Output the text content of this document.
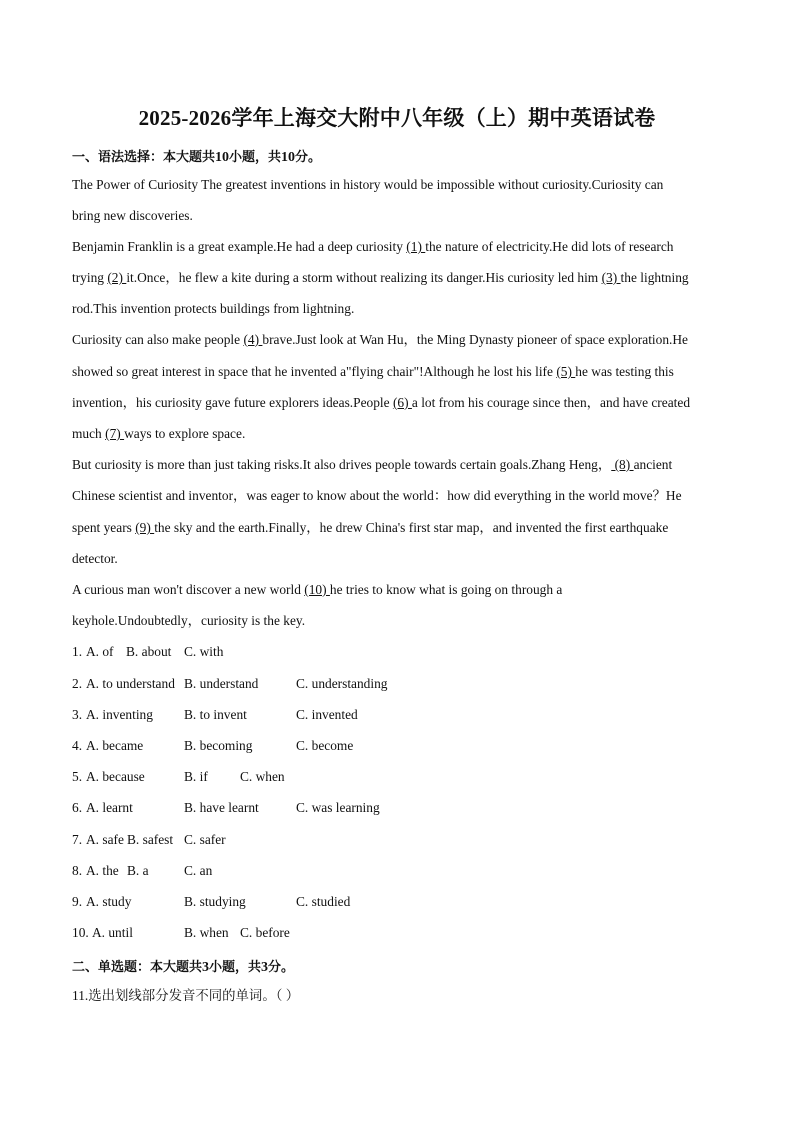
2025-2026学年上海交大附中八年级（上）期中英语试卷
一、语法选择：本大题共10小题，共10分。
The Power of Curiosity The greatest inventions in history would be impossible without curiosity.Curiosity can
bring new discoveries.
Benjamin Franklin is a great example.He had a deep curiosity (1) the nature of electricity.He did lots of research
trying (2) it.Once，he flew a kite during a storm without realizing its danger.His curiosity led him (3) the lightning
rod.This invention protects buildings from lightning.
Curiosity can also make people (4) brave.Just look at Wan Hu，the Ming Dynasty pioneer of space exploration.He
showed so great interest in space that he invented a"flying chair"!Although he lost his life (5) he was testing this
invention，his curiosity gave future explorers ideas.People (6) a lot from his courage since then，and have created
much (7) ways to explore space.
But curiosity is more than just taking risks.It also drives people towards certain goals.Zhang Heng， (8) ancient
Chinese scientist and inventor，was eager to know about the world：how did everything in the world move？He
spent years (9) the sky and the earth.Finally，he drew China's first star map，and invented the first earthquake
detector.
A curious man won't discover a new world (10) he tries to know what is going on through a
keyhole.Undoubtedly，curiosity is the key.
1. A. of B. about C. with
2. A. to understand B. understand	C. understanding
3. A. inventing B. to invent	C. invented
4. A. became	B. becoming	C. become
5. A. because	B. if C. when
6. A. learnt	B. have learnt	C. was learning
7. A. safe B. safest C. safer
8. A. the B. a	C. an
9. A. study	B. studying	C. studied
10. A. until	B. when C. before
二、单选题：本大题共3小题，共3分。
11.选出划线部分发音不同的单词。（ ）
